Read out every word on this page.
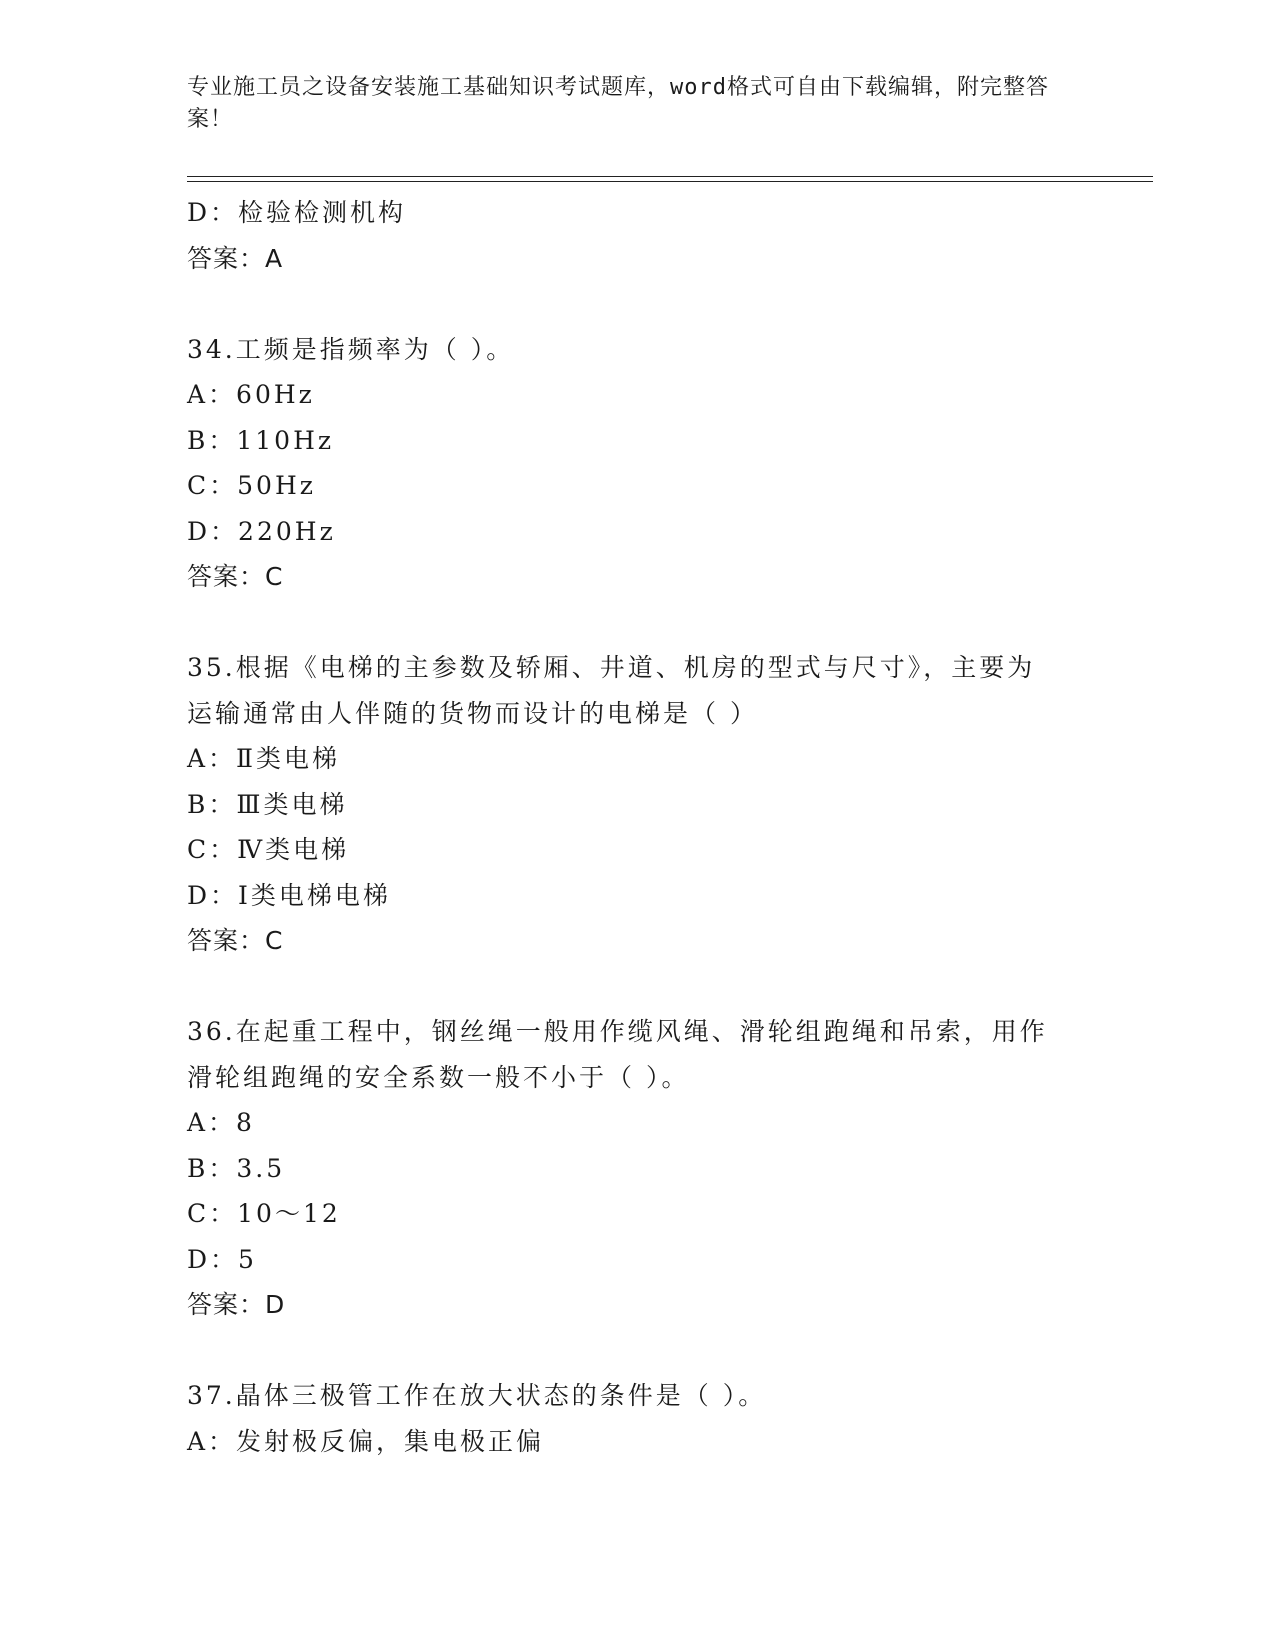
专业施工员之设备安装施工基础知识考试题库，word格式可自由下载编辑，附完整答案！
D：检验检测机构
答案：A
34.工频是指频率为（ ）。
A：60Hz
B：110Hz
C：50Hz
D：220Hz
答案：C
35.根据《电梯的主参数及轿厢、井道、机房的型式与尺寸》，主要为
运输通常由人伴随的货物而设计的电梯是（ ）
A：Ⅱ类电梯
B：Ⅲ类电梯
C：Ⅳ类电梯
D：Ⅰ类电梯电梯
答案：C
36.在起重工程中，钢丝绳一般用作缆风绳、滑轮组跑绳和吊索，用作
滑轮组跑绳的安全系数一般不小于（ ）。
A：8
B：3.5
C：10～12
D：5
答案：D
37.晶体三极管工作在放大状态的条件是（ ）。
A：发射极反偏，集电极正偏
